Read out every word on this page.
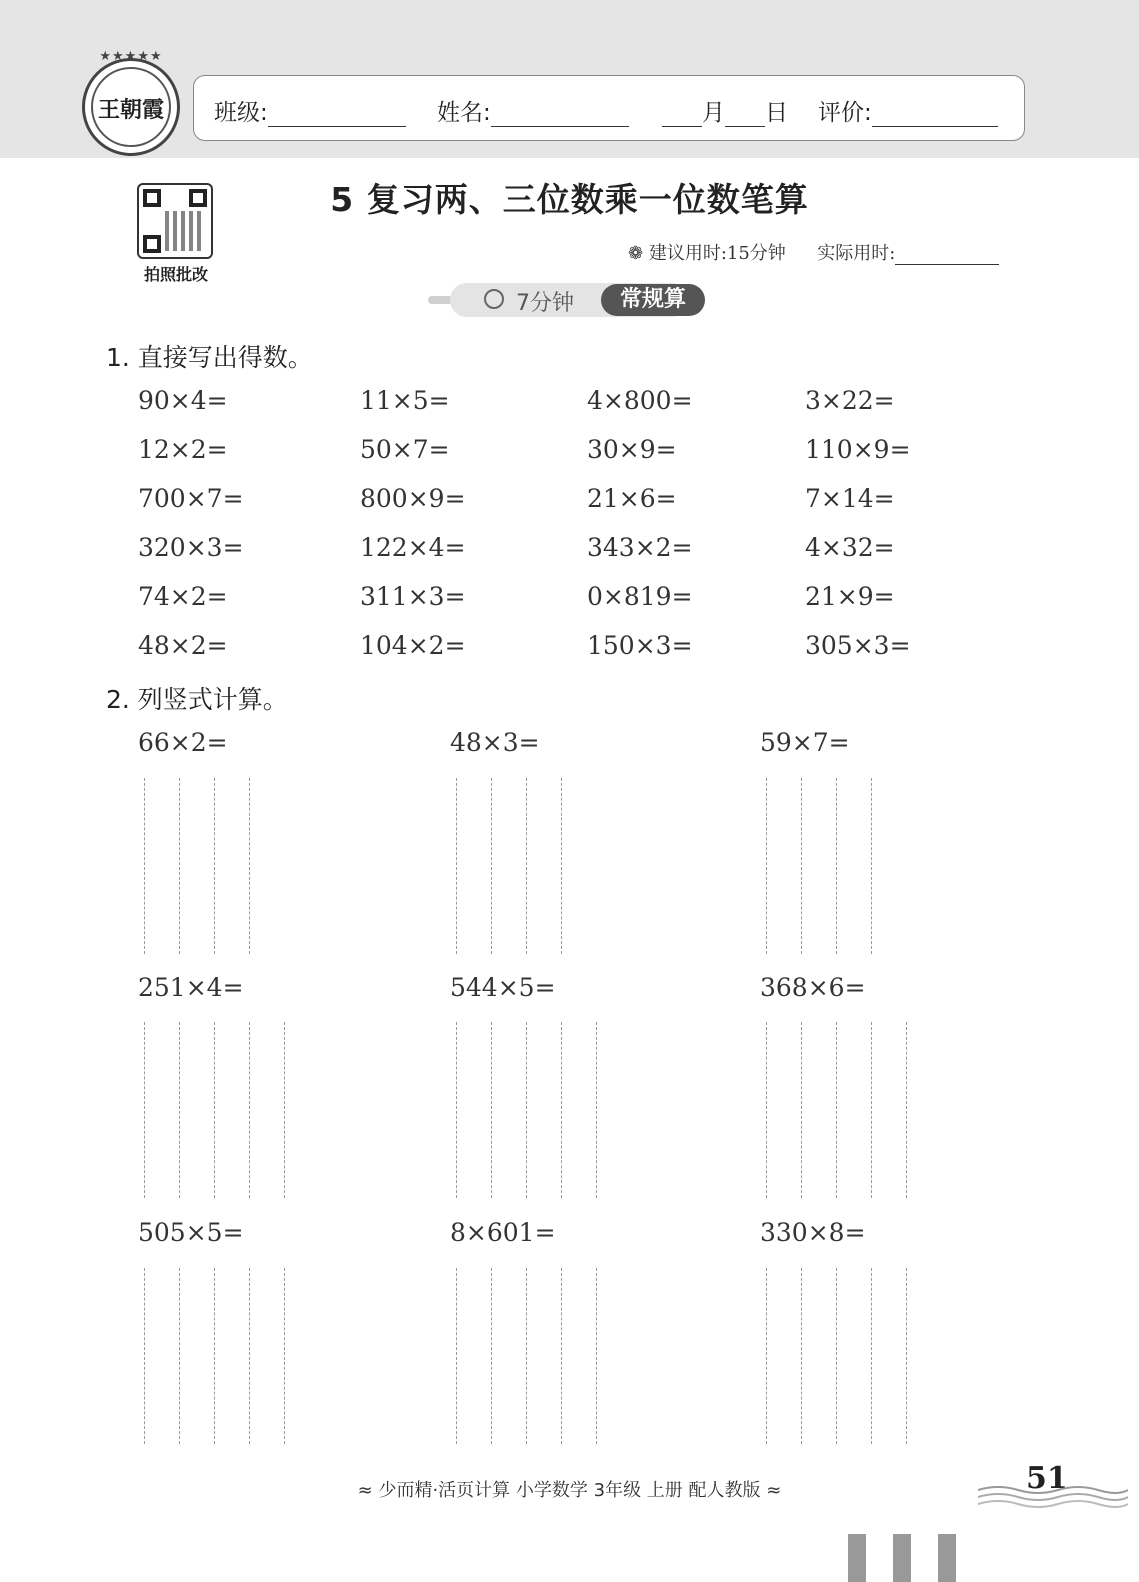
★★★★★
王朝霞	班级:	姓名:	月 日 评价:
拍照批改
5 复习两、三位数乘一位数笔算
❁ 建议用时:15分钟 实际用时:
7分钟	常规算
1. 直接写出得数。
90×4=	11×5=	4×800=	3×22=
12×2=	50×7=	30×9=	110×9=
700×7=	800×9=	21×6=	7×14=
320×3=	122×4=	343×2=	4×32=
74×2=	311×3=	0×819=	21×9=
48×2=	104×2=	150×3=	305×3=
2. 列竖式计算。
66×2=	48×3=	59×7=
251×4=	544×5=	368×6=
505×5=	8×601=	330×8=
≈ 少而精·活页计算 小学数学 3年级 上册 配人教版 ≈	51
